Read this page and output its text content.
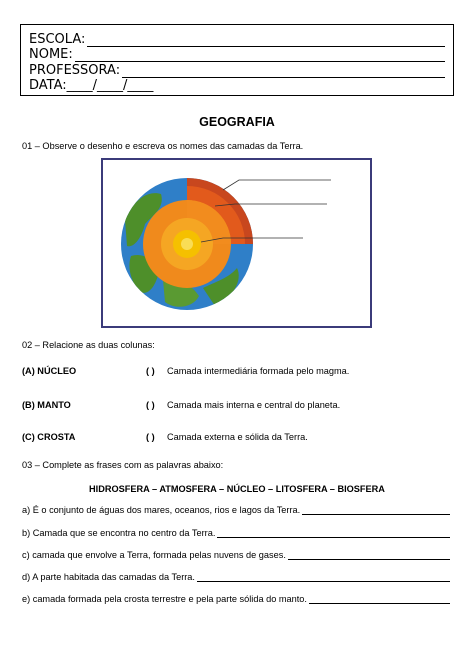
ESCOLA:
NOME:
PROFESSORA:
DATA:____/____/____
GEOGRAFIA
01 – Observe o desenho e escreva os nomes das camadas da Terra.
02 – Relacione as duas colunas:
(A) NÚCLEO	( ) Camada intermediária formada pelo magma.
(B) MANTO	( ) Camada mais interna e central do planeta.
(C) CROSTA	( ) Camada externa e sólida da Terra.
03 – Complete as frases com as palavras abaixo:
HIDROSFERA – ATMOSFERA – NÚCLEO – LITOSFERA – BIOSFERA
a) É o conjunto de águas dos mares, oceanos, rios e lagos da Terra.
b) Camada que se encontra no centro da Terra.
c) camada que envolve a Terra, formada pelas nuvens de gases.
d) A parte habitada das camadas da Terra.
e) camada formada pela crosta terrestre e pela parte sólida do manto.
